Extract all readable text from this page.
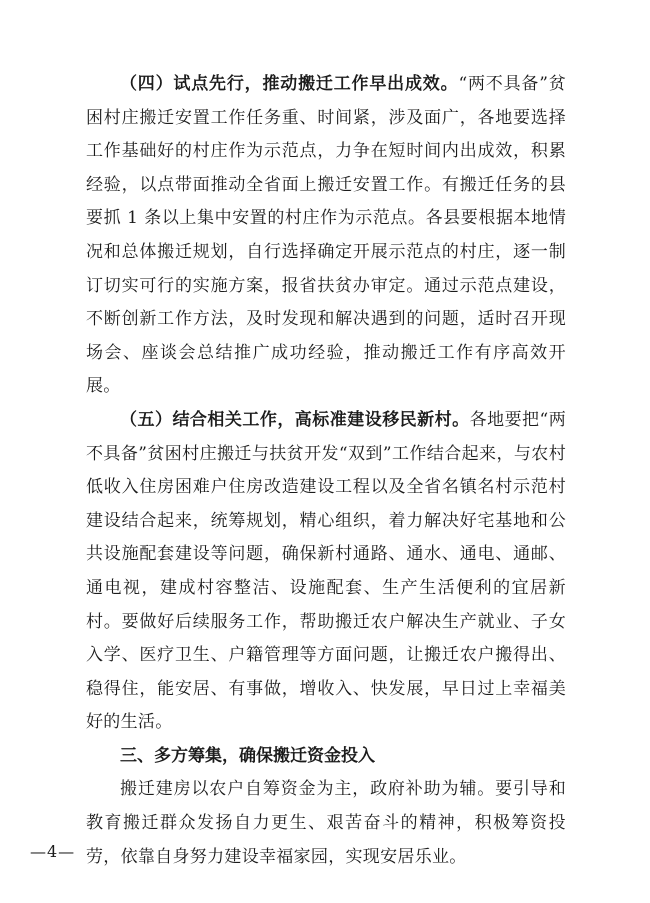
（四）试点先行，推动搬迁工作早出成效。“两不具备”贫困村庄搬迁安置工作任务重、时间紧，涉及面广，各地要选择工作基础好的村庄作为示范点，力争在短时间内出成效，积累经验，以点带面推动全省面上搬迁安置工作。有搬迁任务的县要抓 1 条以上集中安置的村庄作为示范点。各县要根据本地情况和总体搬迁规划，自行选择确定开展示范点的村庄，逐一制订切实可行的实施方案，报省扶贫办审定。通过示范点建设，不断创新工作方法，及时发现和解决遇到的问题，适时召开现场会、座谈会总结推广成功经验，推动搬迁工作有序高效开展。

（五）结合相关工作，高标准建设移民新村。各地要把“两不具备”贫困村庄搬迁与扶贫开发“双到”工作结合起来，与农村低收入住房困难户住房改造建设工程以及全省名镇名村示范村建设结合起来，统筹规划，精心组织，着力解决好宅基地和公共设施配套建设等问题，确保新村通路、通水、通电、通邮、通电视，建成村容整洁、设施配套、生产生活便利的宜居新村。要做好后续服务工作，帮助搬迁农户解决生产就业、子女入学、医疗卫生、户籍管理等方面问题，让搬迁农户搬得出、稳得住，能安居、有事做，增收入、快发展，早日过上幸福美好的生活。

三、多方筹集，确保搬迁资金投入

搬迁建房以农户自筹资金为主，政府补助为辅。要引导和教育搬迁群众发扬自力更生、艰苦奋斗的精神，积极筹资投劳，依靠自身努力建设幸福家园，实现安居乐业。

—4—
